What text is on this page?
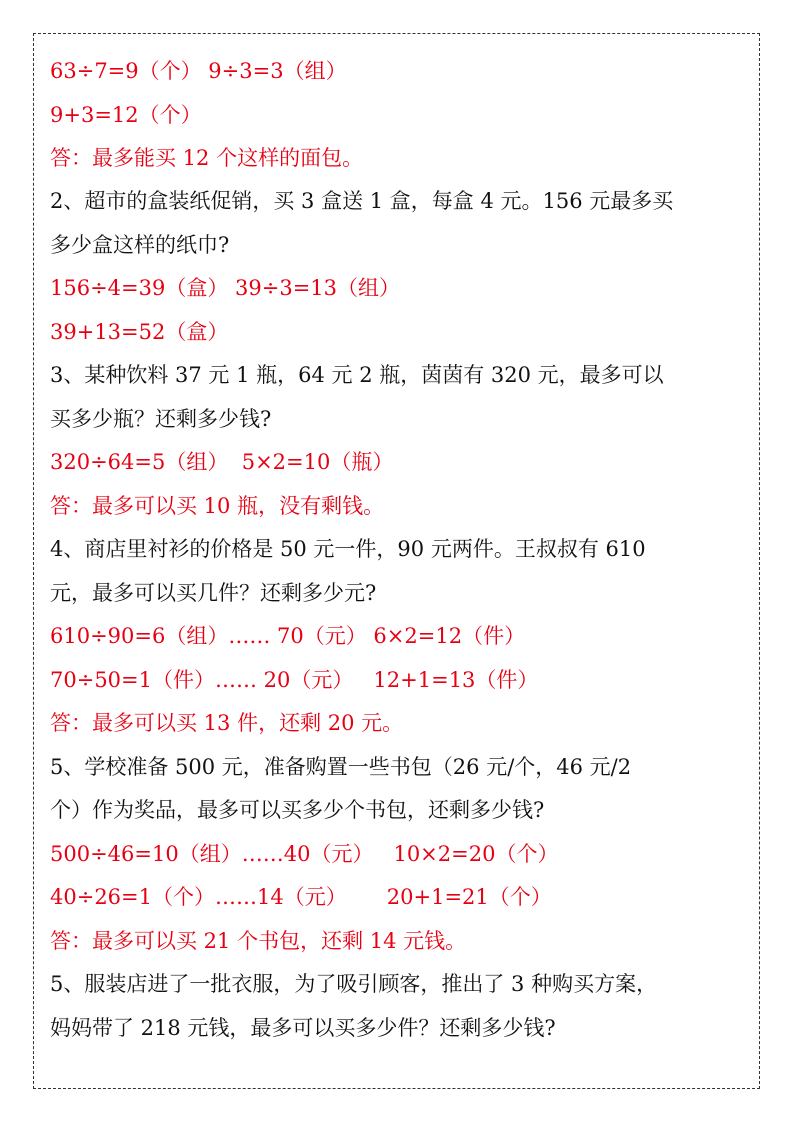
63÷7=9（个） 9÷3=3（组）
9+3=12（个）
答：最多能买 12 个这样的面包。
2、超市的盒装纸促销，买 3 盒送 1 盒，每盒 4 元。156 元最多买
多少盒这样的纸巾?
156÷4=39（盒） 39÷3=13（组）
39+13=52（盒）
3、某种饮料 37 元 1 瓶，64 元 2 瓶，茵茵有 320 元，最多可以
买多少瓶？还剩多少钱?
320÷64=5（组）  5×2=10（瓶）
答：最多可以买 10 瓶，没有剩钱。
4、商店里衬衫的价格是 50 元一件，90 元两件。王叔叔有 610
元，最多可以买几件？还剩多少元?
610÷90=6（组）…… 70（元） 6×2=12（件）
70÷50=1（件）…… 20（元）   12+1=13（件）
答：最多可以买 13 件，还剩 20 元。
5、学校准备 500 元，准备购置一些书包（26 元/个，46 元/2
个）作为奖品，最多可以买多少个书包，还剩多少钱?
500÷46=10（组）……40（元）   10×2=20（个）
40÷26=1（个）……14（元）      20+1=21（个）
答：最多可以买 21 个书包，还剩 14 元钱。
5、服装店进了一批衣服，为了吸引顾客，推出了 3 种购买方案，
妈妈带了 218 元钱，最多可以买多少件？还剩多少钱?
